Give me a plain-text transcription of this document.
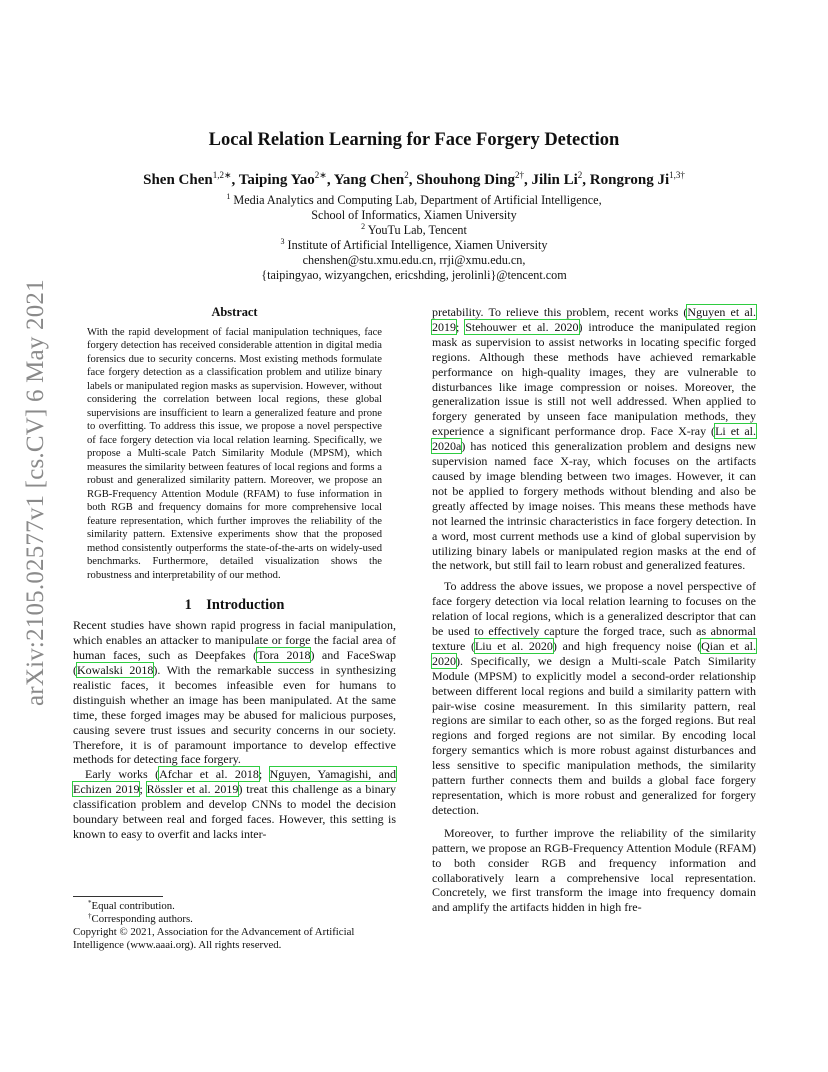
arXiv:2105.02577v1 [cs.CV] 6 May 2021
Local Relation Learning for Face Forgery Detection
Shen Chen$^{1,2∗}$, Taiping Yao$^{2∗}$, Yang Chen$^2$, Shouhong Ding$^{2\dagger}$, Jilin Li$^2$, Rongrong $Ji^{1,3\dagger}$
$^1$ Media Analytics and Computing Lab, Department of Artificial Intelligence,
School of Informatics, Xiamen University
$^2$ YouTu Lab, Tencent
$^3$ Institute of Artificial Intelligence, Xiamen University
chenshen@stu.xmu.edu.cn, rrji@xmu.edu.cn,
{taipingyao, wizyangchen, ericshding, jerolinli}@tencent.com
Abstract

With the rapid development of facial manipulation techniques, face forgery detection has received considerable attention in digital media forensics due to security concerns. Most existing methods formulate face forgery detection as a classification problem and utilize binary labels or manipulated region masks as supervision. However, without considering the correlation between local regions, these global supervisions are insufficient to learn a generalized feature and prone to overfitting. To address this issue, we propose a novel perspective of face forgery detection via local relation learning. Specifically, we propose a Multi-scale Patch Similarity Module (MPSM), which measures the similarity between features of local regions and forms a robust and generalized similarity pattern. Moreover, we propose an RGB-Frequency Attention Module (RFAM) to fuse information in both RGB and frequency domains for more comprehensive local feature representation, which further improves the reliability of the similarity pattern. Extensive experiments show that the proposed method consistently outperforms the state-of-the-arts on widely-used benchmarks. Furthermore, detailed visualization shows the robustness and interpretability of our method.

1    Introduction

Recent studies have shown rapid progress in facial manipulation, which enables an attacker to manipulate or forge the facial area of human faces, such as Deepfakes (Tora 2018) and FaceSwap (Kowalski 2018). With the remarkable success in synthesizing realistic faces, it becomes infeasible even for humans to distinguish whether an image has been manipulated. At the same time, these forged images may be abused for malicious purposes, causing severe trust issues and security concerns in our society. Therefore, it is of paramount importance to develop effective methods for detecting face forgery.

Early works (Afchar et al. 2018; Nguyen, Yamagishi, and Echizen 2019; Rössler et al. 2019) treat this challenge as a binary classification problem and develop CNNs to model the decision boundary between real and forged faces. However, this setting is known to easy to overfit and lacks inter-

*Equal contribution.
†Corresponding authors.
Copyright © 2021, Association for the Advancement of Artificial Intelligence (www.aaai.org). All rights reserved.

pretability. To relieve this problem, recent works (Nguyen et al. 2019; Stehouwer et al. 2020) introduce the manipulated region mask as supervision to assist networks in locating specific forged regions. Although these methods have achieved remarkable performance on high-quality images, they are vulnerable to disturbances like image compression or noises. Moreover, the generalization issue is still not well addressed. When applied to forgery generated by unseen face manipulation methods, they experience a significant performance drop. Face X-ray (Li et al. 2020a) has noticed this generalization problem and designs new supervision named face X-ray, which focuses on the artifacts caused by image blending between two images. However, it can not be applied to forgery methods without blending and also be greatly affected by image noises. This means these methods have not learned the intrinsic characteristics in face forgery detection. In a word, most current methods use a kind of global supervision by utilizing binary labels or manipulated region masks at the end of the network, but still fail to learn robust and generalized features.

To address the above issues, we propose a novel perspective of face forgery detection via local relation learning to focuses on the relation of local regions, which is a generalized descriptor that can be used to effectively capture the forged trace, such as abnormal texture (Liu et al. 2020) and high frequency noise (Qian et al. 2020). Specifically, we design a Multi-scale Patch Similarity Module (MPSM) to explicitly model a second-order relationship between different local regions and build a similarity pattern with pair-wise cosine measurement. In this similarity pattern, real regions are similar to each other, so as the forged regions. But real regions and forged regions are not similar. By encoding local forgery semantics which is more robust against disturbances and less sensitive to specific manipulation methods, the similarity pattern further connects them and builds a global face forgery representation, which is more robust and generalized for forgery detection.

Moreover, to further improve the reliability of the similarity pattern, we propose an RGB-Frequency Attention Module (RFAM) to both consider RGB and frequency information and collaboratively learn a comprehensive local representation. Concretely, we first transform the image into frequency domain and amplify the artifacts hidden in high fre-
